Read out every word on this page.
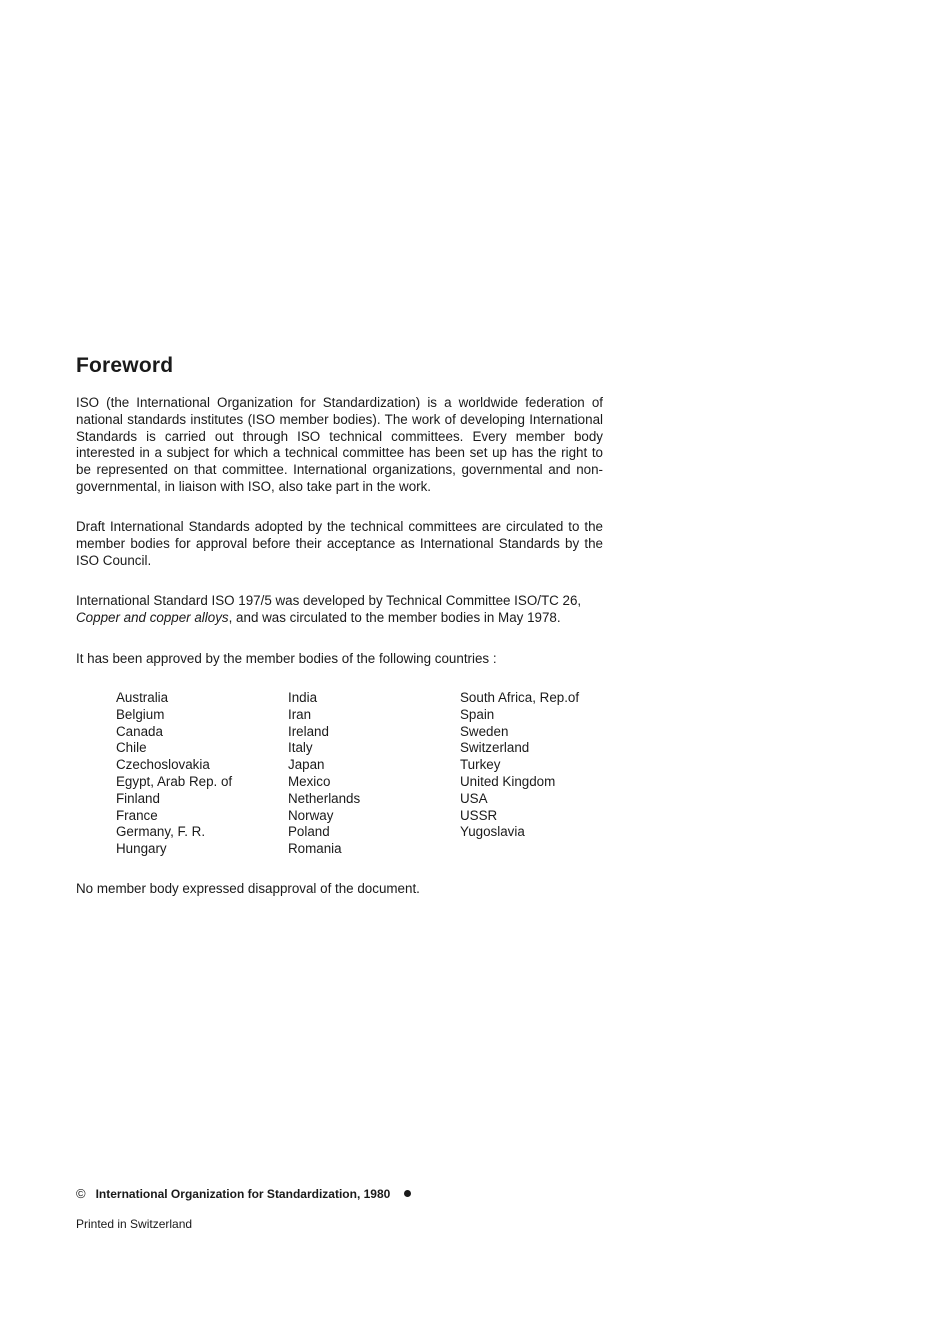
Foreword

ISO (the International Organization for Standardization) is a worldwide federation of national standards institutes (ISO member bodies). The work of developing International Standards is carried out through ISO technical committees. Every member body interested in a subject for which a technical committee has been set up has the right to be represented on that committee. International organizations, governmental and non-governmental, in liaison with ISO, also take part in the work.

Draft International Standards adopted by the technical committees are circulated to the member bodies for approval before their acceptance as International Standards by the ISO Council.

International Standard ISO 197/5 was developed by Technical Committee ISO/TC 26,
Copper and copper alloys, and was circulated to the member bodies in May 1978.

It has been approved by the member bodies of the following countries :

Australia
Belgium
Canada
Chile
Czechoslovakia
Egypt, Arab Rep. of
Finland
France
Germany, F. R.
Hungary
India
Iran
Ireland
Italy
Japan
Mexico
Netherlands
Norway
Poland
Romania
South Africa, Rep.of
Spain
Sweden
Switzerland
Turkey
United Kingdom
USA
USSR
Yugoslavia

No member body expressed disapproval of the document.

© International Organization for Standardization, 1980
Printed in Switzerland
